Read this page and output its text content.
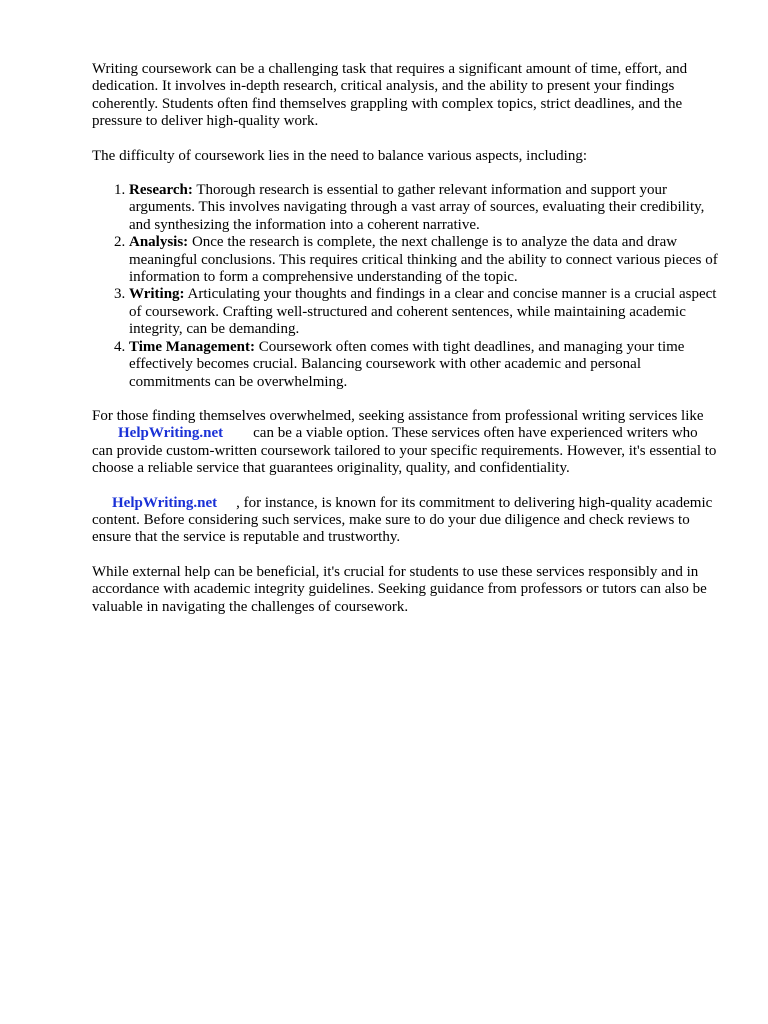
Writing coursework can be a challenging task that requires a significant amount of time, effort, and dedication. It involves in-depth research, critical analysis, and the ability to present your findings coherently. Students often find themselves grappling with complex topics, strict deadlines, and the pressure to deliver high-quality work.

The difficulty of coursework lies in the need to balance various aspects, including:

1. Research: Thorough research is essential to gather relevant information and support your arguments. This involves navigating through a vast array of sources, evaluating their credibility, and synthesizing the information into a coherent narrative.
2. Analysis: Once the research is complete, the next challenge is to analyze the data and draw meaningful conclusions. This requires critical thinking and the ability to connect various pieces of information to form a comprehensive understanding of the topic.
3. Writing: Articulating your thoughts and findings in a clear and concise manner is a crucial aspect of coursework. Crafting well-structured and coherent sentences, while maintaining academic integrity, can be demanding.
4. Time Management: Coursework often comes with tight deadlines, and managing your time effectively becomes crucial. Balancing coursework with other academic and personal commitments can be overwhelming.

For those finding themselves overwhelmed, seeking assistance from professional writing services likeHelpWriting.net can be a viable option. These services often have experienced writers who can provide custom-written coursework tailored to your specific requirements. However, it's essential to choose a reliable service that guarantees originality, quality, and confidentiality.

HelpWriting.net , for instance, is known for its commitment to delivering high-quality academic content. Before considering such services, make sure to do your due diligence and check reviews to ensure that the service is reputable and trustworthy.

While external help can be beneficial, it's crucial for students to use these services responsibly and in accordance with academic integrity guidelines. Seeking guidance from professors or tutors can also be valuable in navigating the challenges of coursework.
